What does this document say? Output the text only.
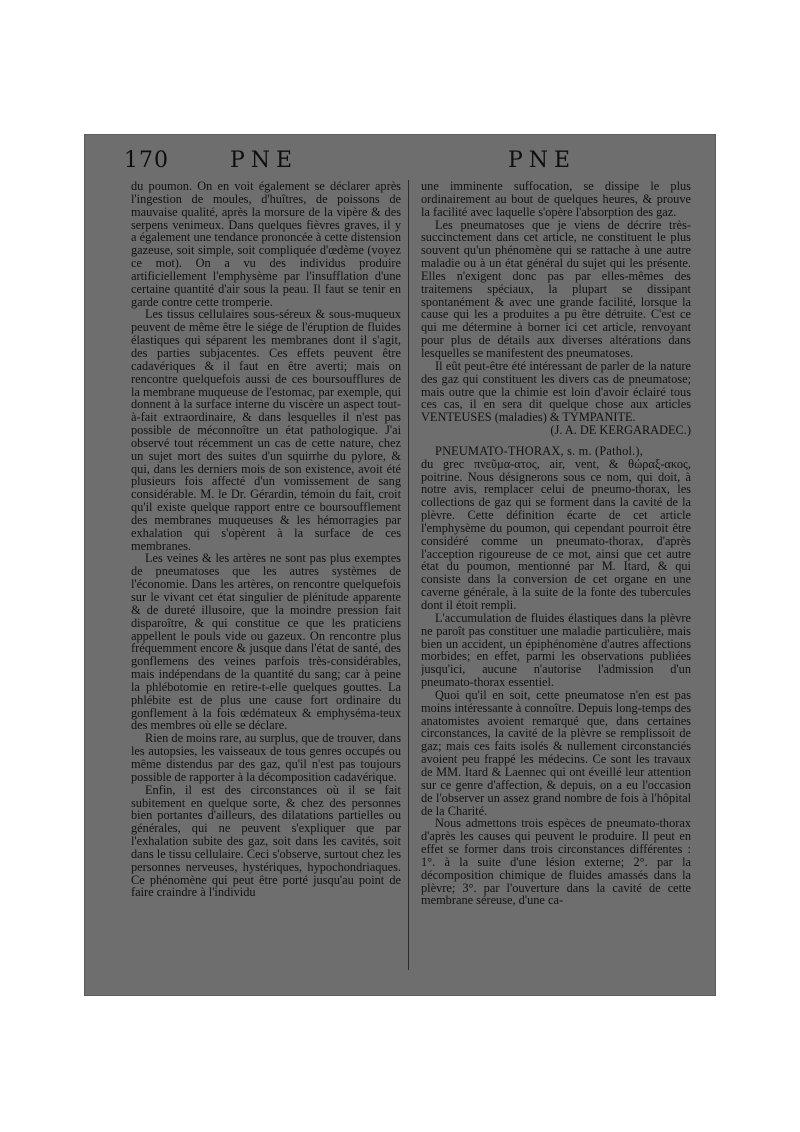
170	PNE	PNE

du poumon. On en voit également se déclarer après l'ingestion de moules, d'huîtres, de poissons de mauvaise qualité, après la morsure de la vipère & des serpens venimeux. Dans quelques fièvres graves, il y a également une tendance prononcée à cette distension gazeuse, soit simple, soit compliquée d'œdème (voyez ce mot). On a vu des individus produire artificiellement l'emphysème par l'insufflation d'une certaine quantité d'air sous la peau. Il faut se tenir en garde contre cette tromperie.

Les tissus cellulaires sous-séreux & sous-muqueux peuvent de même être le siége de l'éruption de fluides élastiques qui séparent les membranes dont il s'agit, des parties subjacentes. Ces effets peuvent être cadavériques & il faut en être averti; mais on rencontre quelquefois aussi de ces boursoufflures de la membrane muqueuse de l'estomac, par exemple, qui donnent à la surface interne du viscère un aspect tout-à-fait extraordinaire, & dans lesquelles il n'est pas possible de méconnoître un état pathologique. J'ai observé tout récemment un cas de cette nature, chez un sujet mort des suites d'un squirrhe du pylore, & qui, dans les derniers mois de son existence, avoit été plusieurs fois affecté d'un vomissement de sang considérable. M. le Dr. Gérardin, témoin du fait, croit qu'il existe quelque rapport entre ce boursoufflement des membranes muqueuses & les hémorragies par exhalation qui s'opèrent à la surface de ces membranes.

Les veines & les artères ne sont pas plus exemptes de pneumatoses que les autres systèmes de l'économie. Dans les artères, on rencontre quelquefois sur le vivant cet état singulier de plénitude apparente & de dureté illusoire, que la moindre pression fait disparoître, & qui constitue ce que les praticiens appellent le pouls vide ou gazeux. On rencontre plus fréquemment encore & jusque dans l'état de santé, des gonflemens des veines parfois très-considérables, mais indépendans de la quantité du sang; car à peine la phlébotomie en retire-t-elle quelques gouttes. La phlébite est de plus une cause fort ordinaire du gonflement à la fois œdémateux & emphyséma-teux des membres où elle se déclare.

Rien de moins rare, au surplus, que de trouver, dans les autopsies, les vaisseaux de tous genres occupés ou même distendus par des gaz, qu'il n'est pas toujours possible de rapporter à la décomposition cadavérique.

Enfin, il est des circonstances où il se fait subitement en quelque sorte, & chez des personnes bien portantes d'ailleurs, des dilatations partielles ou générales, qui ne peuvent s'expliquer que par l'exhalation subite des gaz, soit dans les cavités, soit dans le tissu cellulaire. Ceci s'observe, surtout chez les personnes nerveuses, hystériques, hypochondriaques. Ce phénomène qui peut être porté jusqu'au point de faire craindre à l'individu

une imminente suffocation, se dissipe le plus ordinairement au bout de quelques heures, & prouve la facilité avec laquelle s'opère l'absorption des gaz.

Les pneumatoses que je viens de décrire très-succinctement dans cet article, ne constituent le plus souvent qu'un phénomène qui se rattache à une autre maladie ou à un état général du sujet qui les présente. Elles n'exigent donc pas par elles-mêmes des traitemens spéciaux, la plupart se dissipant spontanément & avec une grande facilité, lorsque la cause qui les a produites a pu être détruite. C'est ce qui me détermine à borner ici cet article, renvoyant pour plus de détails aux diverses altérations dans lesquelles se manifestent des pneumatoses.

Il eût peut-être été intéressant de parler de la nature des gaz qui constituent les divers cas de pneumatose; mais outre que la chimie est loin d'avoir éclairé tous ces cas, il en sera dit quelque chose aux articles VENTEUSES (maladies) & TYMPANITE.

(J. A. DE KERGARADEC.)

PNEUMATO-THORAX, s. m. (Pathol.),

du grec πνεῦμα-ατος, air, vent, & θώραξ-ακος, poitrine. Nous désignerons sous ce nom, qui doit, à notre avis, remplacer celui de pneumo-thorax, les collections de gaz qui se forment dans la cavité de la plèvre. Cette définition écarte de cet article l'emphysème du poumon, qui cependant pourroit être considéré comme un pneumato-thorax, d'après l'acception rigoureuse de ce mot, ainsi que cet autre état du poumon, mentionné par M. Itard, & qui consiste dans la conversion de cet organe en une caverne générale, à la suite de la fonte des tubercules dont il étoit rempli.

L'accumulation de fluides élastiques dans la plèvre ne paroît pas constituer une maladie particulière, mais bien un accident, un épiphénomène d'autres affections morbides; en effet, parmi les observations publiées jusqu'ici, aucune n'autorise l'admission d'un pneumato-thorax essentiel.

Quoi qu'il en soit, cette pneumatose n'en est pas moins intéressante à connoître. Depuis long-temps des anatomistes avoient remarqué que, dans certaines circonstances, la cavité de la plèvre se remplissoit de gaz; mais ces faits isolés & nullement circonstanciés avoient peu frappé les médecins. Ce sont les travaux de MM. Itard & Laennec qui ont éveillé leur attention sur ce genre d'affection, & depuis, on a eu l'occasion de l'observer un assez grand nombre de fois à l'hôpital de la Charité.

Nous admettons trois espèces de pneumato-thorax d'après les causes qui peuvent le produire. Il peut en effet se former dans trois circonstances différentes : 1°. à la suite d'une lésion externe; 2°. par la décomposition chimique de fluides amassés dans la plèvre; 3°. par l'ouverture dans la cavité de cette membrane séreuse, d'une ca-
